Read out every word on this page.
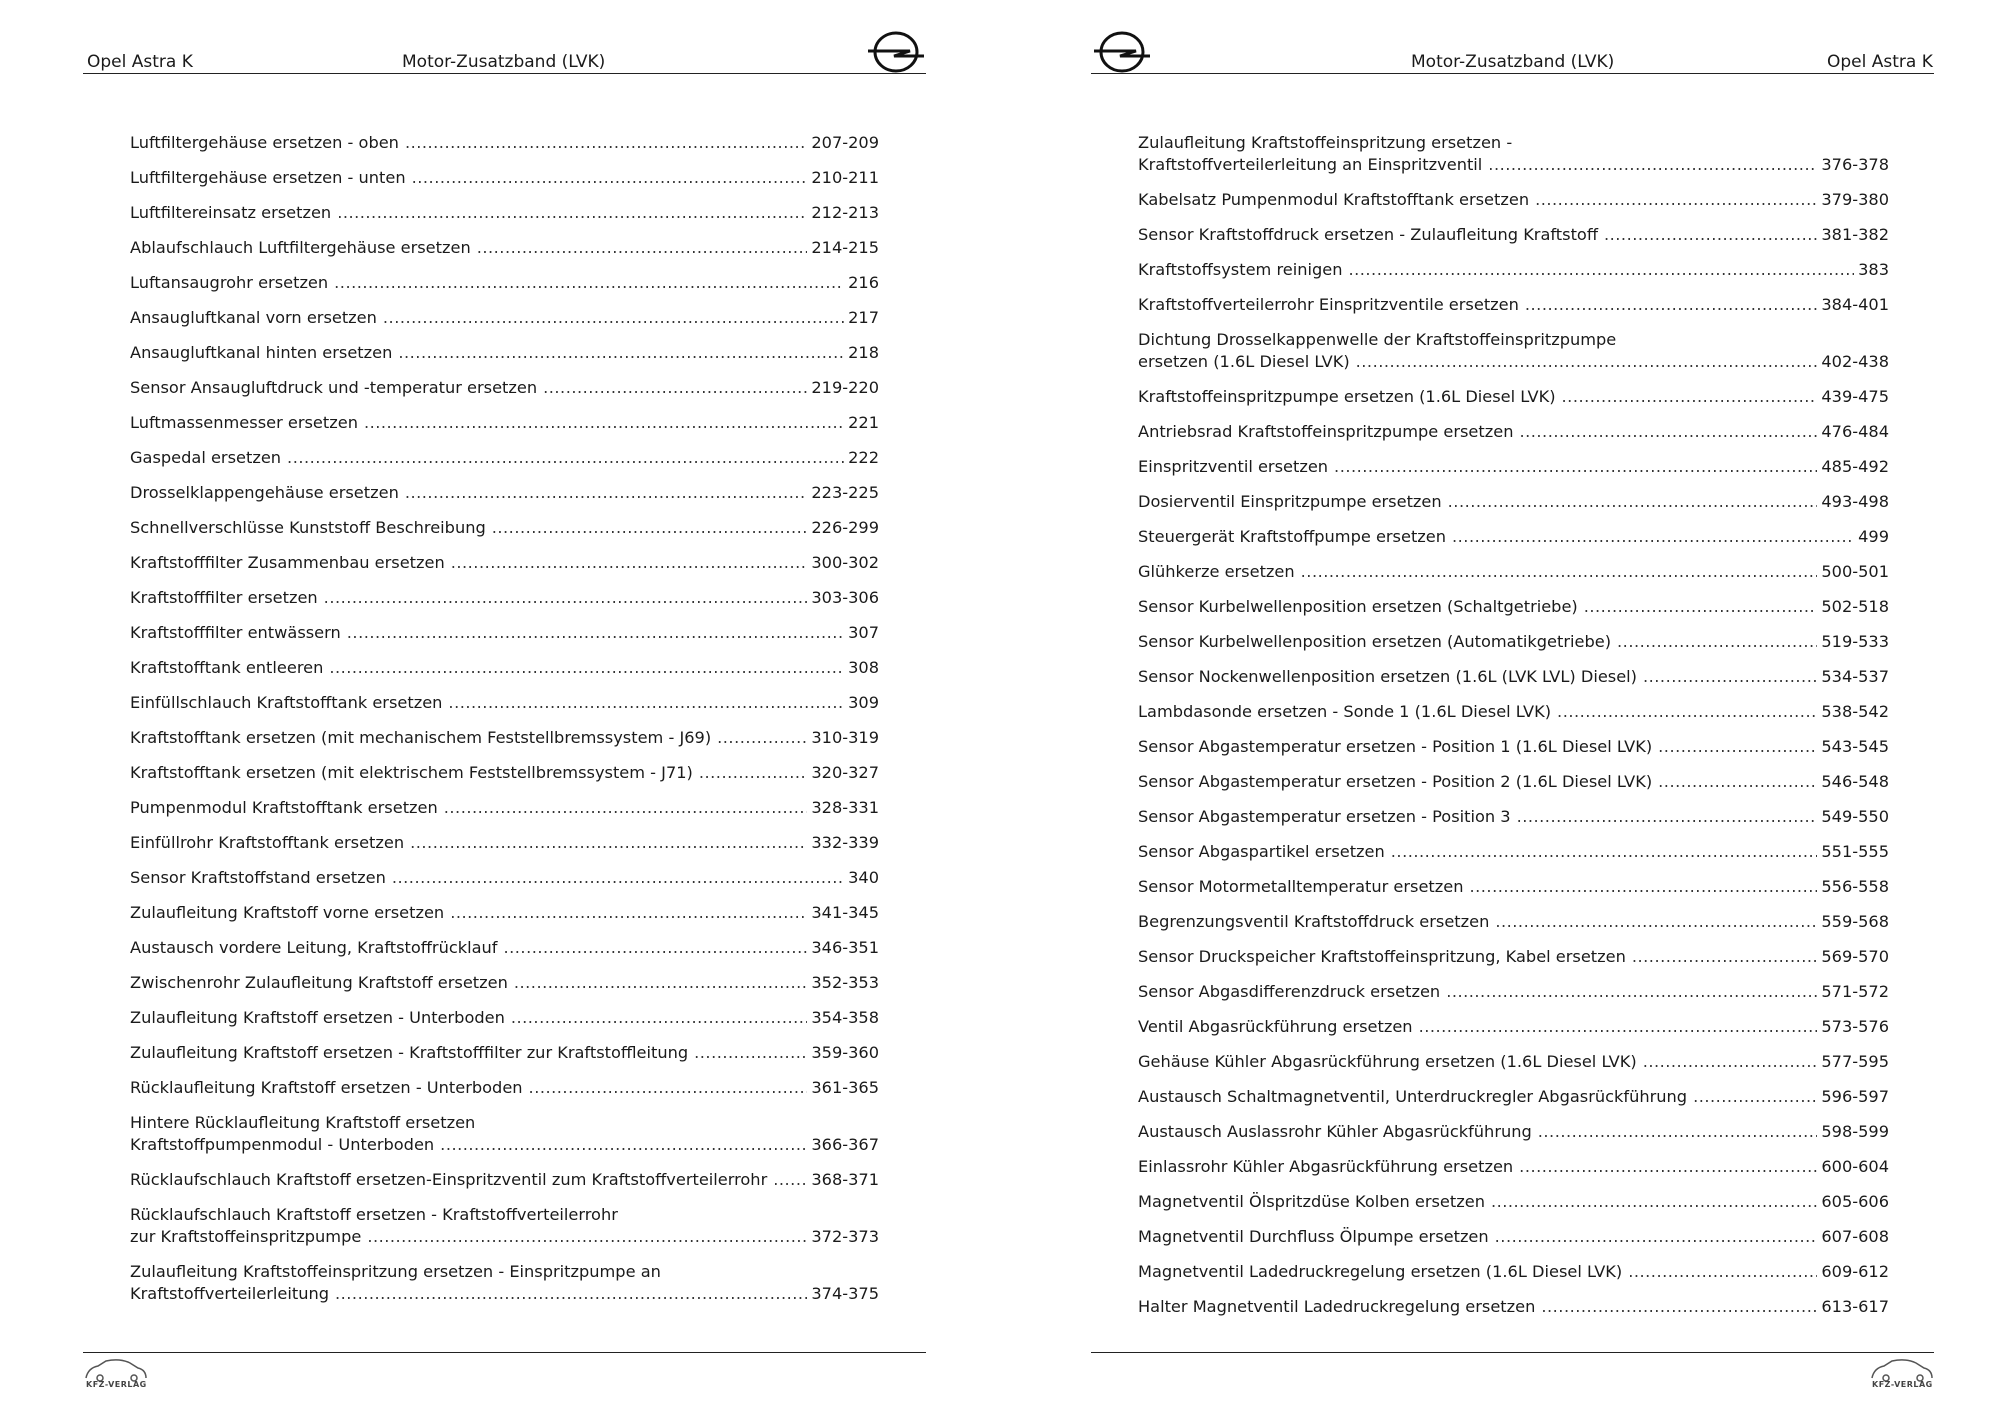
Opel Astra K	Motor-Zusatzband (LVK)
Luftfiltergehäuse ersetzen - oben .....	207-209
Luftfiltergehäuse ersetzen - unten .....	210-211
Luftfiltereinsatz ersetzen .....	212-213
Ablaufschlauch Luftfiltergehäuse ersetzen .....	214-215
Luftansaugrohr ersetzen .....	216
Ansaugluftkanal vorn ersetzen .....	217
Ansaugluftkanal hinten ersetzen .....	218
Sensor Ansaugluftdruck und -temperatur ersetzen .....	219-220
Luftmassenmesser ersetzen .....	221
Gaspedal ersetzen .....	222
Drosselklappengehäuse ersetzen .....	223-225
Schnellverschlüsse Kunststoff Beschreibung .....	226-299
Kraftstofffilter Zusammenbau ersetzen .....	300-302
Kraftstofffilter ersetzen .....	303-306
Kraftstofffilter entwässern .....	307
Kraftstofftank entleeren .....	308
Einfüllschlauch Kraftstofftank ersetzen .....	309
Kraftstofftank ersetzen (mit mechanischem Feststellbremssystem - J69) .....	310-319
Kraftstofftank ersetzen (mit elektrischem Feststellbremssystem - J71) .....	320-327
Pumpenmodul Kraftstofftank ersetzen .....	328-331
Einfüllrohr Kraftstofftank ersetzen .....	332-339
Sensor Kraftstoffstand ersetzen .....	340
Zulaufleitung Kraftstoff vorne ersetzen .....	341-345
Austausch vordere Leitung, Kraftstoffrücklauf .....	346-351
Zwischenrohr Zulaufleitung Kraftstoff ersetzen .....	352-353
Zulaufleitung Kraftstoff ersetzen - Unterboden .....	354-358
Zulaufleitung Kraftstoff ersetzen - Kraftstofffilter zur Kraftstoffleitung .....	359-360
Rücklaufleitung Kraftstoff ersetzen - Unterboden .....	361-365
Hintere Rücklaufleitung Kraftstoff ersetzen
Kraftstoffpumpenmodul - Unterboden .....	366-367
Rücklaufschlauch Kraftstoff ersetzen-Einspritzventil zum Kraftstoffverteilerrohr .....	368-371
Rücklaufschlauch Kraftstoff ersetzen - Kraftstoffverteilerrohr
zur Kraftstoffeinspritzpumpe .....	372-373
Zulaufleitung Kraftstoffeinspritzung ersetzen - Einspritzpumpe an
Kraftstoffverteilerleitung .....	374-375
KFZ-VERLAG
Motor-Zusatzband (LVK)	Opel Astra K
Zulaufleitung Kraftstoffeinspritzung ersetzen -
Kraftstoffverteilerleitung an Einspritzventil .....	376-378
Kabelsatz Pumpenmodul Kraftstofftank ersetzen .....	379-380
Sensor Kraftstoffdruck ersetzen - Zulaufleitung Kraftstoff .....	381-382
Kraftstoffsystem reinigen .....	383
Kraftstoffverteilerrohr Einspritzventile ersetzen .....	384-401
Dichtung Drosselkappenwelle der Kraftstoffeinspritzpumpe
ersetzen (1.6L Diesel LVK) .....	402-438
Kraftstoffeinspritzpumpe ersetzen (1.6L Diesel LVK) .....	439-475
Antriebsrad Kraftstoffeinspritzpumpe ersetzen .....	476-484
Einspritzventil ersetzen .....	485-492
Dosierventil Einspritzpumpe ersetzen .....	493-498
Steuergerät Kraftstoffpumpe ersetzen .....	499
Glühkerze ersetzen .....	500-501
Sensor Kurbelwellenposition ersetzen (Schaltgetriebe) .....	502-518
Sensor Kurbelwellenposition ersetzen (Automatikgetriebe) .....	519-533
Sensor Nockenwellenposition ersetzen (1.6L (LVK LVL) Diesel) .....	534-537
Lambdasonde ersetzen - Sonde 1 (1.6L Diesel LVK) .....	538-542
Sensor Abgastemperatur ersetzen - Position 1 (1.6L Diesel LVK) .....	543-545
Sensor Abgastemperatur ersetzen - Position 2 (1.6L Diesel LVK) .....	546-548
Sensor Abgastemperatur ersetzen - Position 3 .....	549-550
Sensor Abgaspartikel ersetzen .....	551-555
Sensor Motormetalltemperatur ersetzen .....	556-558
Begrenzungsventil Kraftstoffdruck ersetzen .....	559-568
Sensor Druckspeicher Kraftstoffeinspritzung, Kabel ersetzen .....	569-570
Sensor Abgasdifferenzdruck ersetzen .....	571-572
Ventil Abgasrückführung ersetzen .....	573-576
Gehäuse Kühler Abgasrückführung ersetzen (1.6L Diesel LVK) .....	577-595
Austausch Schaltmagnetventil, Unterdruckregler Abgasrückführung .....	596-597
Austausch Auslassrohr Kühler Abgasrückführung .....	598-599
Einlassrohr Kühler Abgasrückführung ersetzen .....	600-604
Magnetventil Ölspritzdüse Kolben ersetzen .....	605-606
Magnetventil Durchfluss Ölpumpe ersetzen .....	607-608
Magnetventil Ladedruckregelung ersetzen (1.6L Diesel LVK) .....	609-612
Halter Magnetventil Ladedruckregelung ersetzen .....	613-617
KFZ-VERLAG
